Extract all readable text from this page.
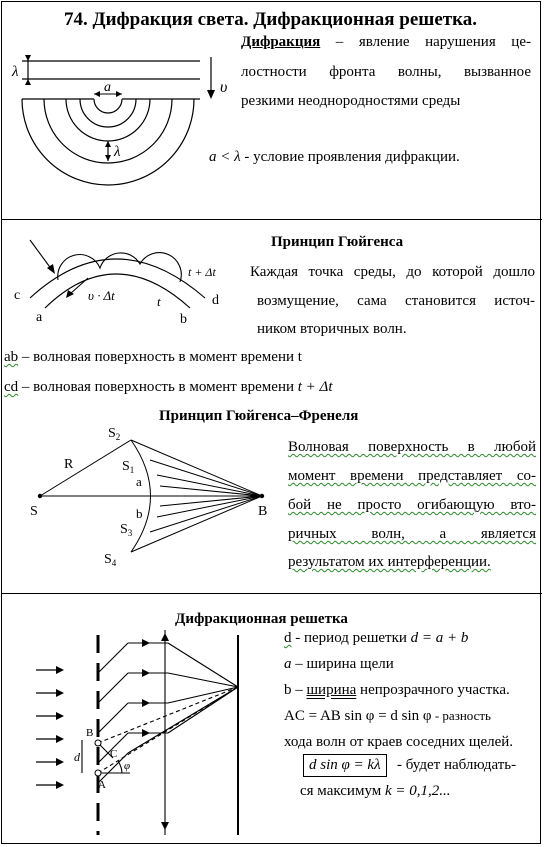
74. Дифракция света. Дифракционная решетка.
Дифракция – явление нарушения це-
лостности фронта волны, вызванное
резкими неоднородностями среды
a < λ - условие проявления дифракции.
λ
a
λ
υ
Принцип Гюйгенса
Каждая точка среды, до которой дошло
возмущение, сама становится источ-
ником вторичных волн.
ab – волновая поверхность в момент времени t
cd – волновая поверхность в момент времени t + Δt
c
a	b
d
υ · Δt	t
t + Δt
Принцип Гюйгенса–Френеля
Волновая поверхность в любой
момент времени представляет со-
бой не просто огибающую вто-
ричных волн, а является
результатом их интерференции.
S	B
R
$S_2$
$S_1$
$S_3$
$S_4$
a
b
Дифракционная решетка
d - период решетки d = a + b
a – ширина щели
b – ширина непрозрачного участка.
AC = AB sin φ = d sin φ - разность
хода волн от краев соседних щелей.
d sin φ = kλ	- будет наблюдать-
ся максимум k = 0,1,2...
B
C
A
d
φ
